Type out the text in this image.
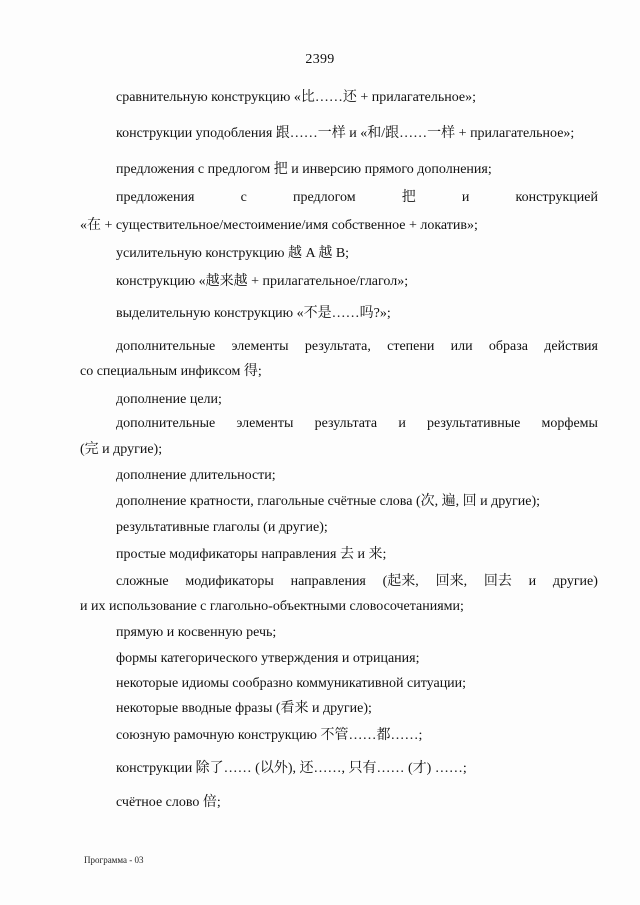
2399
сравнительную конструкцию «比……还 + прилагательное»;
конструкции уподобления 跟……一样 и «和/跟……一样 + прилагательное»;
предложения с предлогом 把 и инверсию прямого дополнения;
предложения	с	предлогом	把	и	конструкцией
«在 + существительное/местоимение/имя собственное + локатив»;
усилительную конструкцию 越 A 越 B;
конструкцию «越来越 + прилагательное/глагол»;
выделительную конструкцию «不是……吗?»;
дополнительные элементы результата, степени или образа действия
со специальным инфиксом 得;
дополнение цели;
дополнительные элементы результата и результативные морфемы
(完 и другие);
дополнение длительности;
дополнение кратности, глагольные счётные слова (次, 遍, 回 и другие);
результативные глаголы (и другие);
простые модификаторы направления 去 и 来;
сложные модификаторы направления (起来, 回来, 回去 и другие)
и их использование с глагольно-объектными словосочетаниями;
прямую и косвенную речь;
формы категорического утверждения и отрицания;
некоторые идиомы сообразно коммуникативной ситуации;
некоторые вводные фразы (看来 и другие);
союзную рамочную конструкцию 不管……都……;
конструкции 除了…… (以外), 还……, 只有…… (才) ……;
счётное слово 倍;
Программа - 03
